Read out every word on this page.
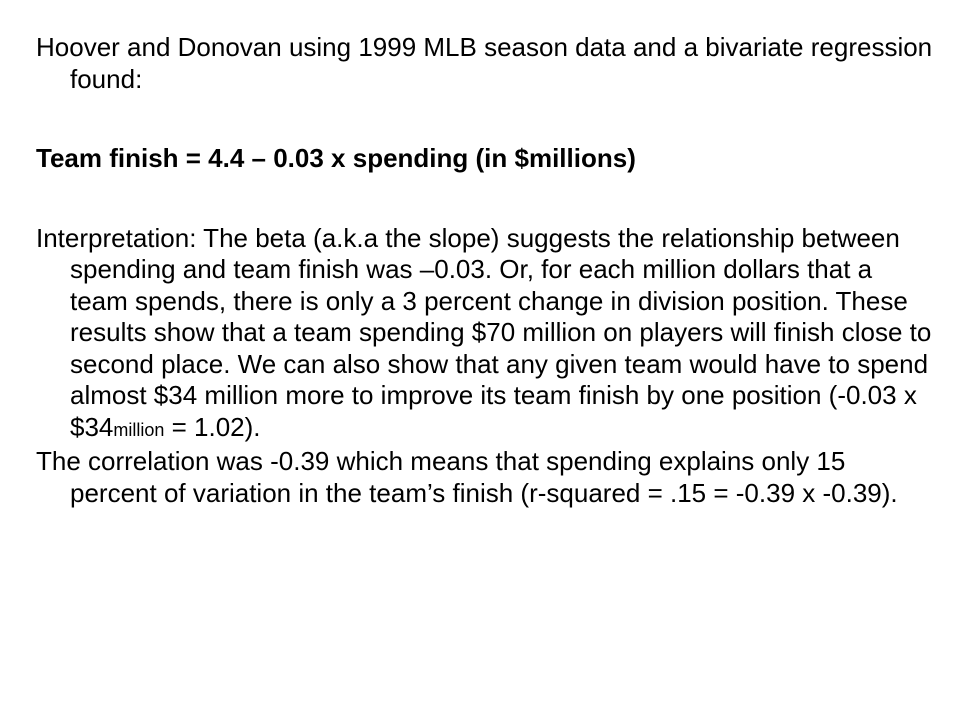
Hoover and Donovan using 1999 MLB season data and a bivariate regression found:

Team finish = 4.4 – 0.03 x spending (in $millions)

Interpretation: The beta (a.k.a the slope) suggests the relationship between spending and team finish was –0.03. Or, for each million dollars that a team spends, there is only a 3 percent change in division position. These results show that a team spending $70 million on players will finish close to second place. We can also show that any given team would have to spend almost $34 million more to improve its team finish by one position (-0.03 x $34million = 1.02).

The correlation was -0.39 which means that spending explains only 15 percent of variation in the team’s finish (r-squared = .15 = -0.39 x -0.39).
